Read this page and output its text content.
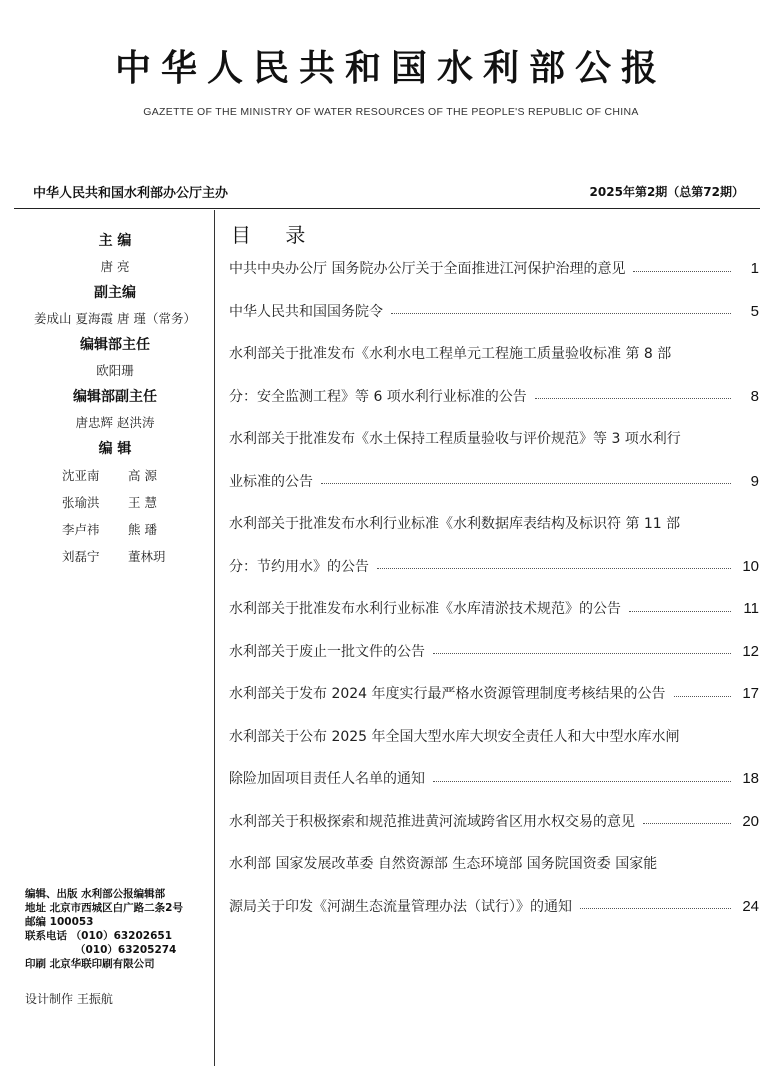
中华人民共和国水利部公报
GAZETTE OF THE MINISTRY OF WATER RESOURCES OF THE PEOPLE'S REPUBLIC OF CHINA
中华人民共和国水利部办公厅主办	2025年第2期（总第72期）
主 编
唐 亮
副主编
姜成山 夏海霞 唐 瑾（常务）
编辑部主任
欧阳珊
编辑部副主任
唐忠辉 赵洪涛
编 辑
沈亚南 高 源
张瑜洪 王 慧
李卢祎 熊 璠
刘磊宁 董林玥
编辑、出版 水利部公报编辑部
地址 北京市西城区白广路二条2号
邮编 100053
联系电话 （010）63202651
（010）63205274
印刷 北京华联印刷有限公司
设计制作 王振航
目 录
中共中央办公厅 国务院办公厅关于全面推进江河保护治理的意见	1
中华人民共和国国务院令	5
水利部关于批准发布《水利水电工程单元工程施工质量验收标准 第 8 部
分：安全监测工程》等 6 项水利行业标准的公告	8
水利部关于批准发布《水土保持工程质量验收与评价规范》等 3 项水利行
业标准的公告	9
水利部关于批准发布水利行业标准《水利数据库表结构及标识符 第 11 部
分：节约用水》的公告	10
水利部关于批准发布水利行业标准《水库清淤技术规范》的公告	11
水利部关于废止一批文件的公告	12
水利部关于发布 2024 年度实行最严格水资源管理制度考核结果的公告	17
水利部关于公布 2025 年全国大型水库大坝安全责任人和大中型水库水闸
除险加固项目责任人名单的通知	18
水利部关于积极探索和规范推进黄河流域跨省区用水权交易的意见	20
水利部 国家发展改革委 自然资源部 生态环境部 国务院国资委 国家能
源局关于印发《河湖生态流量管理办法（试行）》的通知	24
